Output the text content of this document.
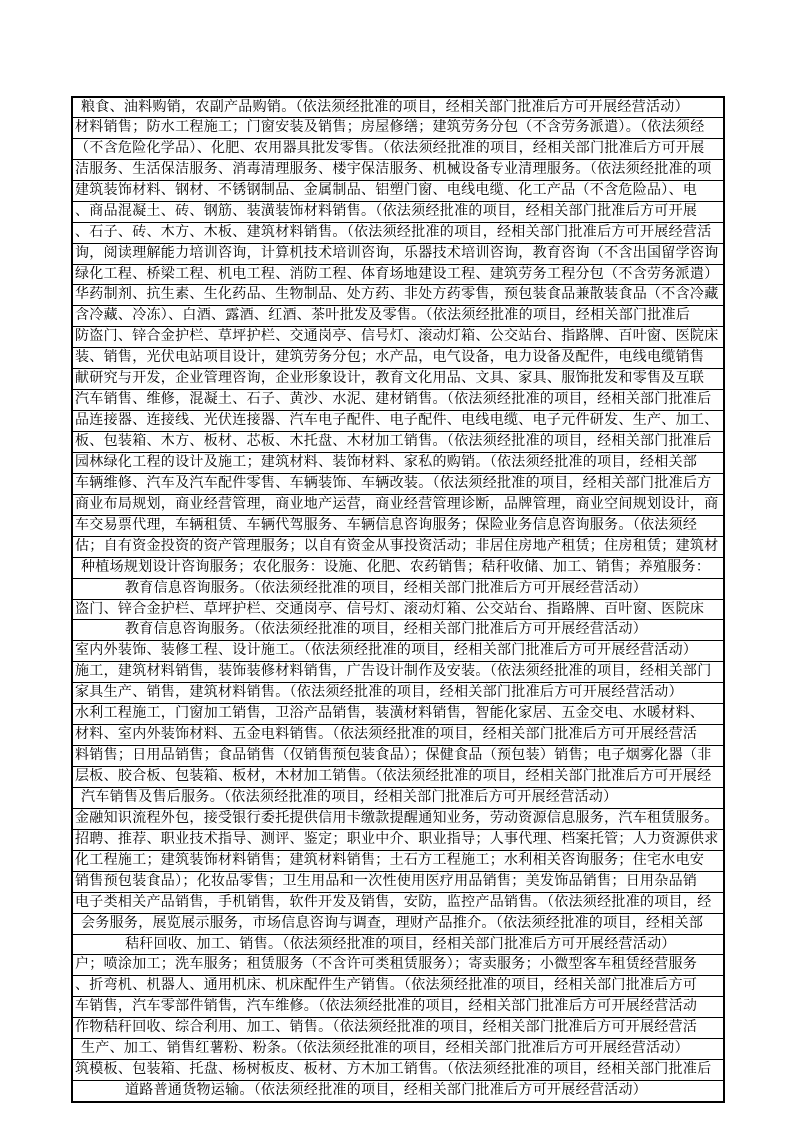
粮食、油料购销，农副产品购销。（依法须经批准的项目，经相关部门批准后方可开展经营活动）
材料销售；防水工程施工；门窗安装及销售；房屋修缮；建筑劳务分包（不含劳务派遣）。（依法须经
（不含危险化学品）、化肥、农用器具批发零售。（依法须经批准的项目，经相关部门批准后方可开展
洁服务、生活保洁服务、消毒清理服务、楼宇保洁服务、机械设备专业清理服务。（依法须经批准的项
建筑装饰材料、钢材、不锈钢制品、金属制品、铝塑门窗、电线电缆、化工产品（不含危险品）、电
、商品混凝土、砖、钢筋、装潢装饰材料销售。（依法须经批准的项目，经相关部门批准后方可开展
、石子、砖、木方、木板、建筑材料销售。（依法须经批准的项目，经相关部门批准后方可开展经营活
询，阅读理解能力培训咨询，计算机技术培训咨询，乐器技术培训咨询，教育咨询（不含出国留学咨询
绿化工程、桥梁工程、机电工程、消防工程、体育场地建设工程、建筑劳务工程分包（不含劳务派遣）
华药制剂、抗生素、生化药品、生物制品、处方药、非处方药零售，预包装食品兼散装食品（不含冷藏
含冷藏、冷冻）、白酒、露酒、红酒、茶叶批发及零售。（依法须经批准的项目，经相关部门批准后
防盗门、锌合金护栏、草坪护栏、交通岗亭、信号灯、滚动灯箱、公交站台、指路牌、百叶窗、医院床
装、销售，光伏电站项目设计，建筑劳务分包；水产品，电气设备，电力设备及配件，电线电缆销售
献研究与开发，企业管理咨询，企业形象设计，教育文化用品、文具、家具、服饰批发和零售及互联
汽车销售、维修，混凝土、石子、黄沙、水泥、建材销售。（依法须经批准的项目，经相关部门批准后
品连接器、连接线、光伏连接器、汽车电子配件、电子配件、电线电缆、电子元件研发、生产、加工、
板、包装箱、木方、板材、芯板、木托盘、木材加工销售。（依法须经批准的项目，经相关部门批准后
园林绿化工程的设计及施工；建筑材料、装饰材料、家私的购销。（依法须经批准的项目，经相关部
车辆维修、汽车及汽车配件零售、车辆装饰、车辆改装。（依法须经批准的项目，经相关部门批准后方
商业布局规划，商业经营管理，商业地产运营，商业经营管理诊断，品牌管理，商业空间规划设计，商
车交易票代理，车辆租赁、车辆代驾服务、车辆信息咨询服务；保险业务信息咨询服务。（依法须经
估；自有资金投资的资产管理服务；以自有资金从事投资活动；非居住房地产租赁；住房租赁；建筑材
种植场规划设计咨询服务；农化服务：设施、化肥、农药销售；秸秆收储、加工、销售；养殖服务：
教育信息咨询服务。（依法须经批准的项目，经相关部门批准后方可开展经营活动）
盗门、锌合金护栏、草坪护栏、交通岗亭、信号灯、滚动灯箱、公交站台、指路牌、百叶窗、医院床
教育信息咨询服务。（依法须经批准的项目，经相关部门批准后方可开展经营活动）
室内外装饰、装修工程、设计施工。（依法须经批准的项目，经相关部门批准后方可开展经营活动）
施工，建筑材料销售，装饰装修材料销售，广告设计制作及安装。（依法须经批准的项目，经相关部门
家具生产、销售，建筑材料销售。（依法须经批准的项目，经相关部门批准后方可开展经营活动）
水利工程施工，门窗加工销售，卫浴产品销售，装潢材料销售，智能化家居、五金交电、水暖材料、
材料、室内外装饰材料、五金电料销售。（依法须经批准的项目，经相关部门批准后方可开展经营活
料销售；日用品销售；食品销售（仅销售预包装食品）；保健食品（预包装）销售；电子烟雾化器（非
层板、胶合板、包装箱、板材，木材加工销售。（依法须经批准的项目，经相关部门批准后方可开展经
汽车销售及售后服务。（依法须经批准的项目，经相关部门批准后方可开展经营活动）
金融知识流程外包，接受银行委托提供信用卡缴款提醒通知业务，劳动资源信息服务，汽车租赁服务。
招聘、推荐、职业技术指导、测评、鉴定；职业中介、职业指导；人事代理、档案托管；人力资源供求
化工程施工；建筑装饰材料销售；建筑材料销售；土石方工程施工；水利相关咨询服务；住宅水电安
销售预包装食品）；化妆品零售；卫生用品和一次性使用医疗用品销售；美发饰品销售；日用杂品销
电子类相关产品销售，手机销售，软件开发及销售，安防，监控产品销售。（依法须经批准的项目，经
会务服务，展览展示服务，市场信息咨询与调查，理财产品推介。（依法须经批准的项目，经相关部
秸秆回收、加工、销售。（依法须经批准的项目，经相关部门批准后方可开展经营活动）
户；喷涂加工；洗车服务；租赁服务（不含许可类租赁服务）；寄卖服务；小微型客车租赁经营服务
、折弯机、机器人、通用机床、机床配件生产销售。（依法须经批准的项目，经相关部门批准后方可
车销售，汽车零部件销售，汽车维修。（依法须经批准的项目，经相关部门批准后方可开展经营活动
作物秸秆回收、综合利用、加工、销售。（依法须经批准的项目，经相关部门批准后方可开展经营活
生产、加工、销售红薯粉、粉条。（依法须经批准的项目，经相关部门批准后方可开展经营活动）
筑模板、包装箱、托盘、杨树板皮、板材、方木加工销售。（依法须经批准的项目，经相关部门批准后
道路普通货物运输。（依法须经批准的项目，经相关部门批准后方可开展经营活动）
